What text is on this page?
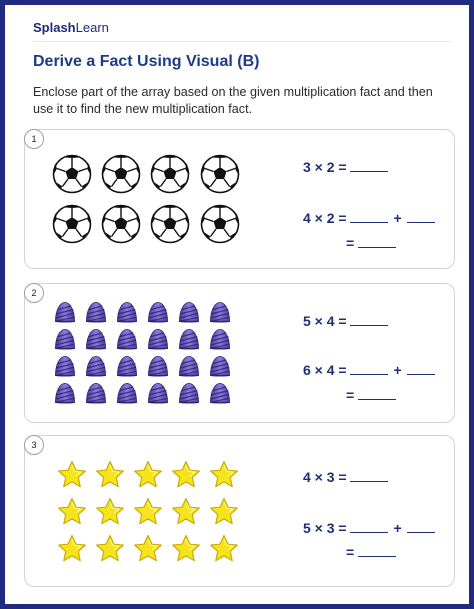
SplashLearn
Derive a Fact Using Visual (B)
Enclose part of the array based on the given multiplication fact and then use it to find the new multiplication fact.
1
3 × 2 =
4 × 2 =	+
=
2
5 × 4 =
6 × 4 =	+
=
3
4 × 3 =
5 × 3 =	+
=
